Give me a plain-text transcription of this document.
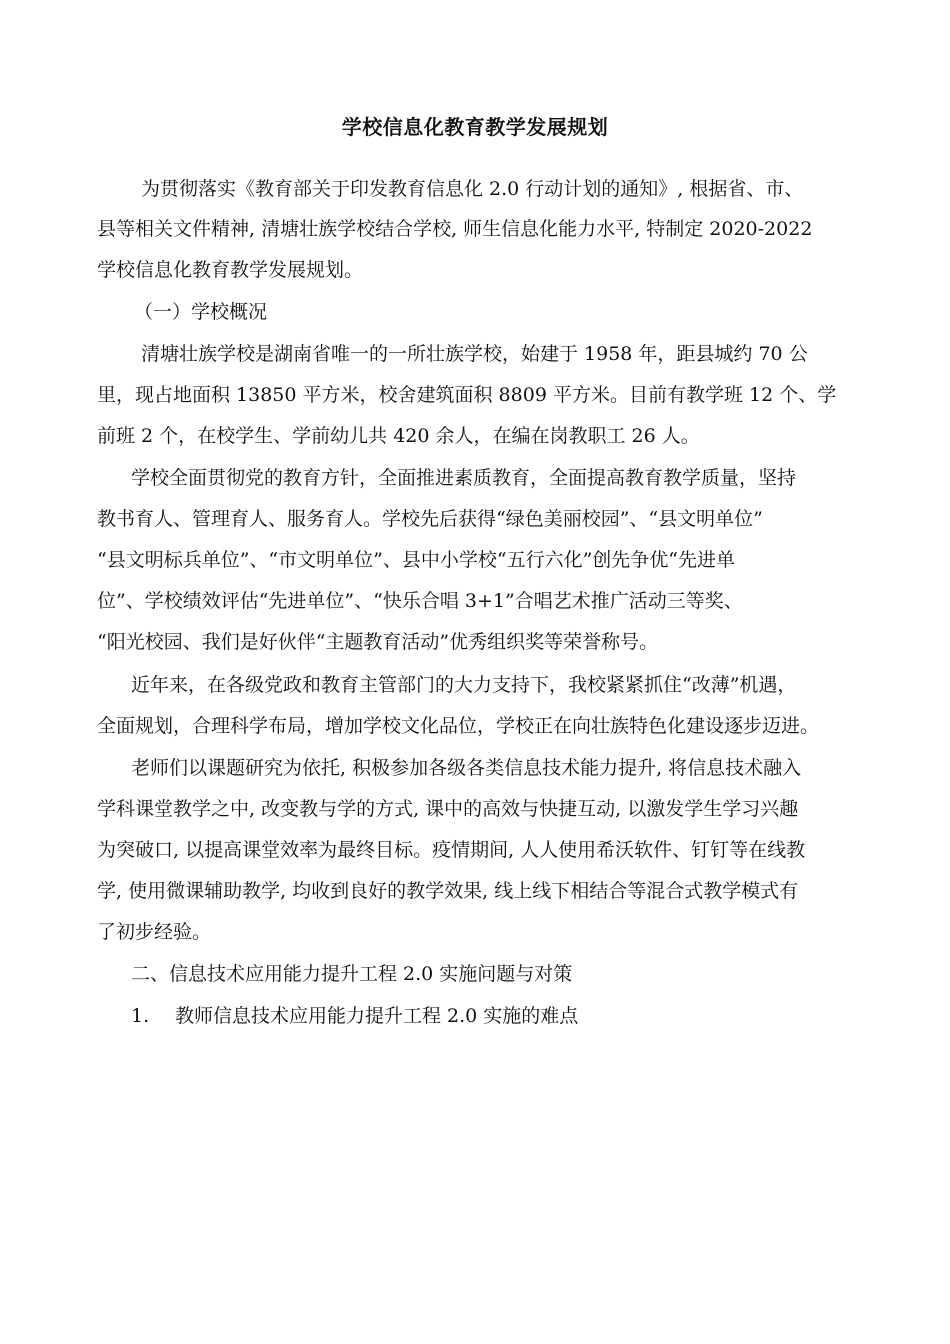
学校信息化教育教学发展规划
为贯彻落实《教育部关于印发教育信息化 2.0 行动计划的通知》, 根据省、市、
县等相关文件精神, 清塘壮族学校结合学校, 师生信息化能力水平, 特制定 2020-2022
学校信息化教育教学发展规划。
（一）学校概况
清塘壮族学校是湖南省唯一的一所壮族学校，始建于 1958 年，距县城约 70 公
里，现占地面积 13850 平方米，校舍建筑面积 8809 平方米。目前有教学班 12 个、学
前班 2 个，在校学生、学前幼儿共 420 余人，在编在岗教职工 26 人。
学校全面贯彻党的教育方针，全面推进素质教育，全面提高教育教学质量，坚持
教书育人、管理育人、服务育人。学校先后获得“绿色美丽校园”、“县文明单位”
“县文明标兵单位”、“市文明单位”、县中小学校“五行六化”创先争优“先进单
位”、学校绩效评估“先进单位”、“快乐合唱 3+1”合唱艺术推广活动三等奖、
“阳光校园、我们是好伙伴“主题教育活动”优秀组织奖等荣誉称号。
近年来，在各级党政和教育主管部门的大力支持下，我校紧紧抓住“改薄”机遇，
全面规划，合理科学布局，增加学校文化品位，学校正在向壮族特色化建设逐步迈进。
老师们以课题研究为依托, 积极参加各级各类信息技术能力提升, 将信息技术融入
学科课堂教学之中, 改变教与学的方式, 课中的高效与快捷互动, 以激发学生学习兴趣
为突破口, 以提高课堂效率为最终目标。疫情期间, 人人使用希沃软件、钉钉等在线教
学, 使用微课辅助教学, 均收到良好的教学效果, 线上线下相结合等混合式教学模式有
了初步经验。
二、信息技术应用能力提升工程 2.0 实施问题与对策
1. 教师信息技术应用能力提升工程 2.0 实施的难点
